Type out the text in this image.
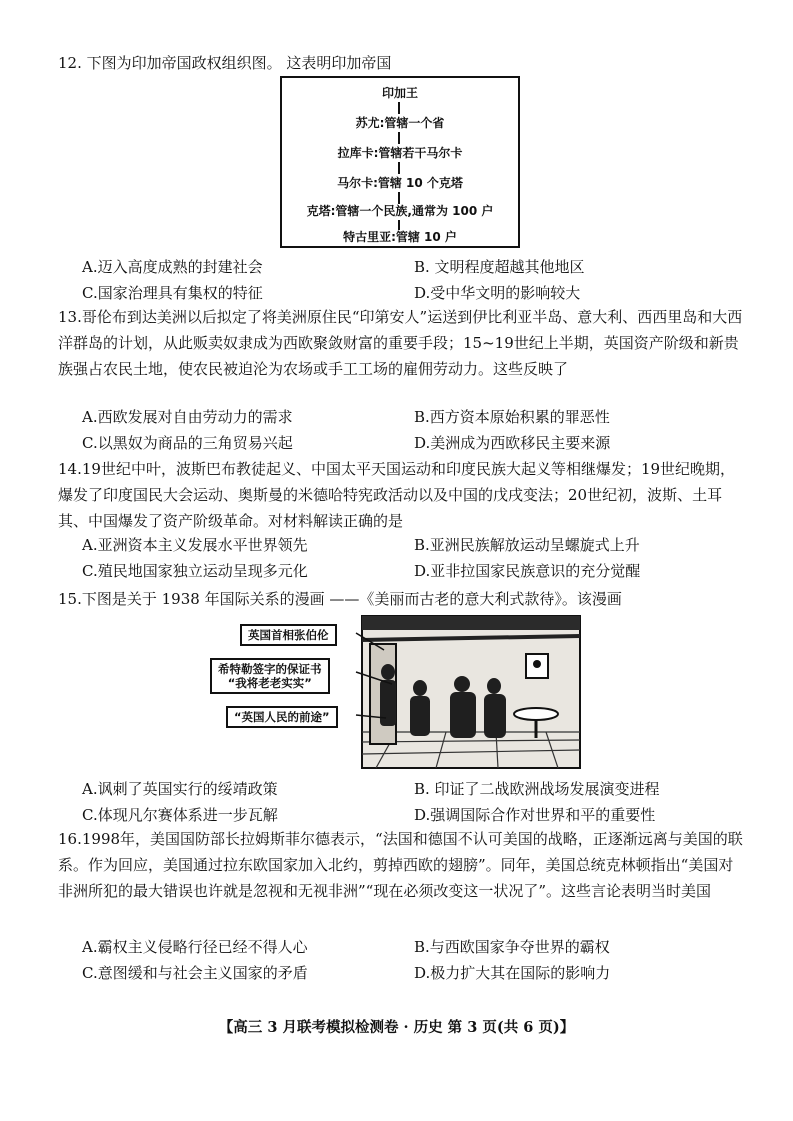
12. 下图为印加帝国政权组织图。 这表明印加帝国
印加王
苏尤:管辖一个省
拉库卡:管辖若干马尔卡
马尔卡:管辖 10 个克塔
克塔:管辖一个民族,通常为 100 户
特古里亚:管辖 10 户
A.迈入高度成熟的封建社会	B. 文明程度超越其他地区
C.国家治理具有集权的特征	D.受中华文明的影响较大
13.哥伦布到达美洲以后拟定了将美洲原住民“印第安人”运送到伊比利亚半岛、意大利、西西里岛和大西洋群岛的计划，从此贩卖奴隶成为西欧聚敛财富的重要手段；15~19世纪上半期，英国资产阶级和新贵族强占农民土地，使农民被迫沦为农场或手工工场的雇佣劳动力。这些反映了
A.西欧发展对自由劳动力的需求	B.西方资本原始积累的罪恶性
C.以黑奴为商品的三角贸易兴起	D.美洲成为西欧移民主要来源
14.19世纪中叶，波斯巴布教徒起义、中国太平天国运动和印度民族大起义等相继爆发；19世纪晚期，爆发了印度国民大会运动、奥斯曼的米德哈特宪政活动以及中国的戊戌变法；20世纪初，波斯、土耳其、中国爆发了资产阶级革命。对材料解读正确的是
A.亚洲资本主义发展水平世界领先	B.亚洲民族解放运动呈螺旋式上升
C.殖民地国家独立运动呈现多元化	D.亚非拉国家民族意识的充分觉醒
15.下图是关于 1938 年国际关系的漫画 ——《美丽而古老的意大利式款待》。该漫画
英国首相张伯伦
希特勒签字的保证书
“我将老老实实”
“英国人民的前途”
A.讽刺了英国实行的绥靖政策	B. 印证了二战欧洲战场发展演变进程
C.体现凡尔赛体系进一步瓦解	D.强调国际合作对世界和平的重要性
16.1998年，美国国防部长拉姆斯菲尔德表示，“法国和德国不认可美国的战略，正逐渐远离与美国的联系。作为回应，美国通过拉东欧国家加入北约，剪掉西欧的翅膀”。同年，美国总统克林顿指出“美国对非洲所犯的最大错误也许就是忽视和无视非洲”“现在必须改变这一状况了”。这些言论表明当时美国
A.霸权主义侵略行径已经不得人心	B.与西欧国家争夺世界的霸权
C.意图缓和与社会主义国家的矛盾	D.极力扩大其在国际的影响力
【高三 3 月联考模拟检测卷 · 历史 第 3 页(共 6 页)】
